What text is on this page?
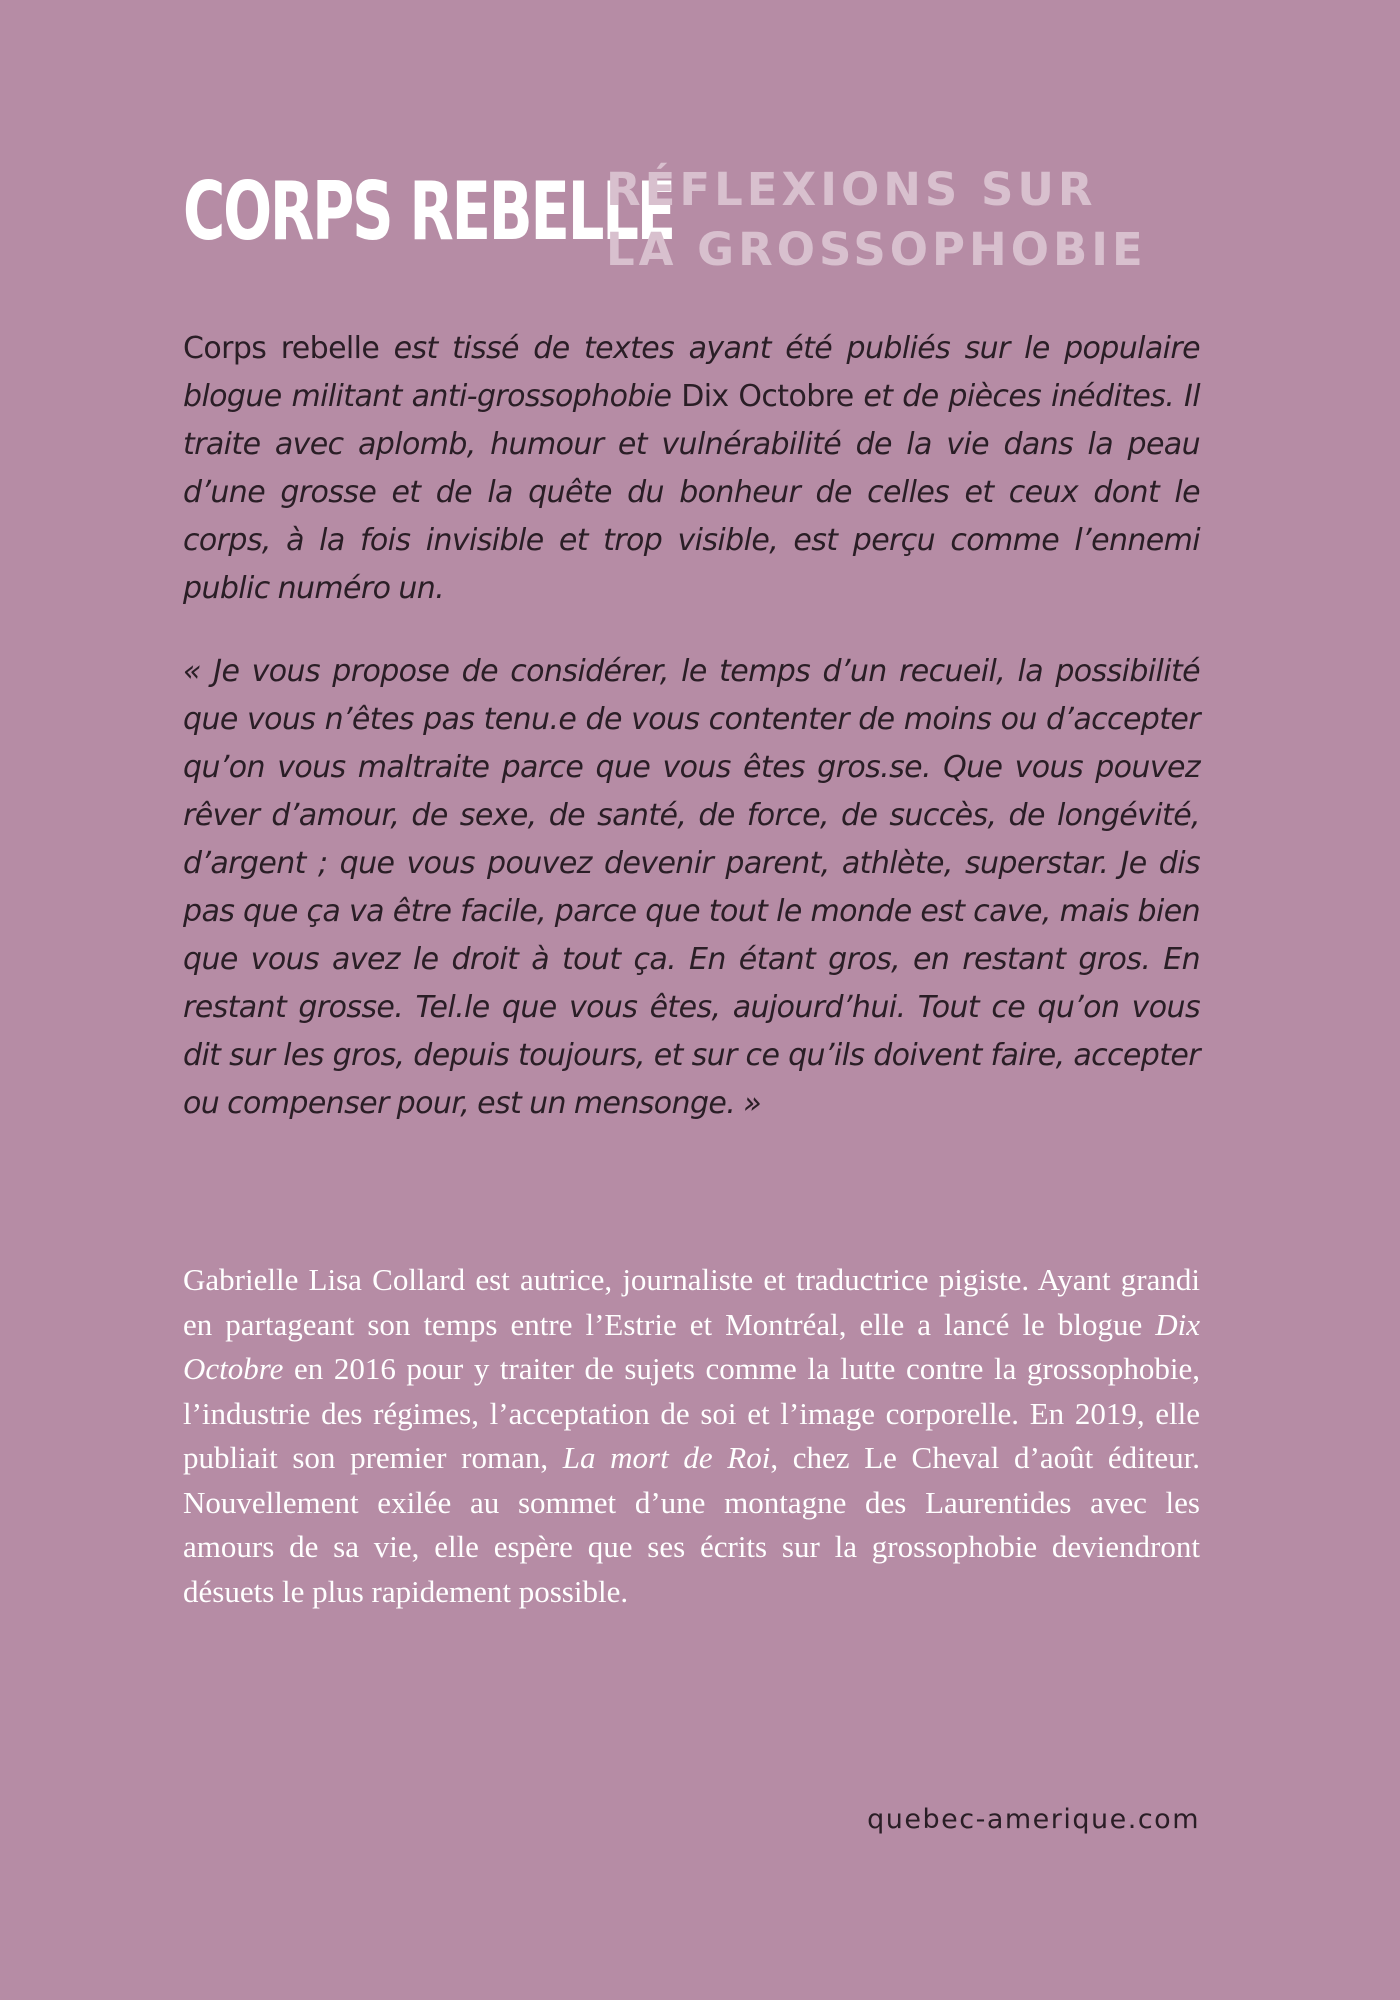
CORPS REBELLE
RÉFLEXIONS SUR
LA GROSSOPHOBIE

Corps rebelle est tissé de textes ayant été publiés sur le populaire blogue militant anti-grossophobie Dix Octobre et de pièces inédites. Il traite avec aplomb, humour et vulnérabilité de la vie dans la peau d’une grosse et de la quête du bonheur de celles et ceux dont le corps, à la fois invisible et trop visible, est perçu comme l’ennemi public numéro un.

« Je vous propose de considérer, le temps d’un recueil, la possibilité que vous n’êtes pas tenu.e de vous contenter de moins ou d’accepter qu’on vous maltraite parce que vous êtes gros.se. Que vous pouvez rêver d’amour, de sexe, de santé, de force, de succès, de longévité, d’argent ; que vous pouvez devenir parent, athlète, superstar. Je dis pas que ça va être facile, parce que tout le monde est cave, mais bien que vous avez le droit à tout ça. En étant gros, en restant gros. En restant grosse. Tel.le que vous êtes, aujourd’hui. Tout ce qu’on vous dit sur les gros, depuis toujours, et sur ce qu’ils doivent faire, accepter ou compenser pour, est un mensonge. »

Gabrielle Lisa Collard est autrice, journaliste et traductrice pigiste. Ayant grandi en partageant son temps entre l’Estrie et Montréal, elle a lancé le blogue Dix Octobre en 2016 pour y traiter de sujets comme la lutte contre la grossophobie, l’industrie des régimes, l’acceptation de soi et l’image corporelle. En 2019, elle publiait son premier roman, La mort de Roi, chez Le Cheval d’août éditeur. Nouvellement exilée au sommet d’une montagne des Laurentides avec les amours de sa vie, elle espère que ses écrits sur la grossophobie deviendront désuets le plus rapidement possible.

quebec-amerique.com
